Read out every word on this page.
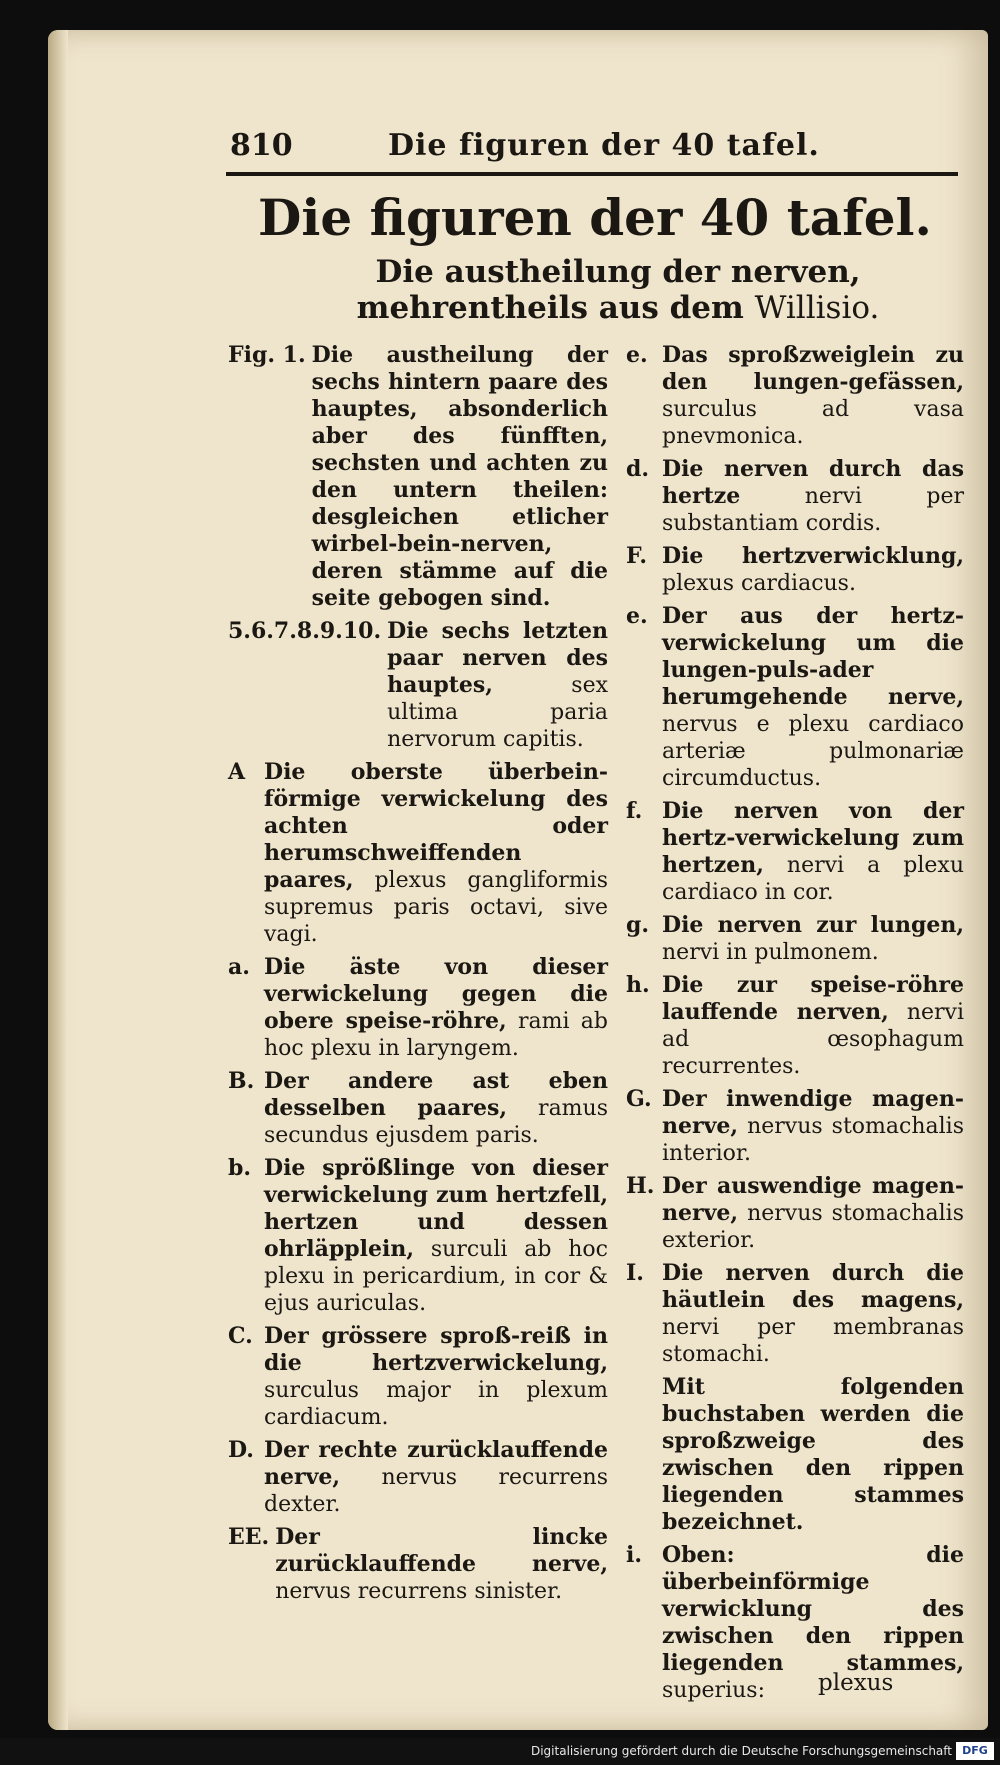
810	Die figuren der 40 tafel.
Die figuren der 40 tafel.
Die austheilung der nerven, mehrentheils aus dem Willisio.
Fig. 1. Die austheilung der sechs hintern paare des hauptes, absonderlich aber des fünfften, sechsten und achten zu den untern theilen: desgleichen etlicher wirbel-bein-nerven, deren stämme auf die seite gebogen sind.
5.6.7.8.9.10. Die sechs letzten paar nerven des hauptes,	sex ultima paria nervorum capitis.
A Die oberste überbein-förmige verwickelung des achten oder herumschweiffenden paares, plexus gangliformis supremus paris octavi, sive vagi.
a. Die äste von dieser verwickelung gegen die obere speise-röhre, rami ab hoc plexu in laryngem.
B. Der andere ast eben desselben paares, ramus secundus ejusdem paris.
b. Die sprößlinge von dieser verwickelung zum hertzfell, hertzen und dessen ohrläpplein, surculi ab hoc plexu in pericardium, in cor & ejus auriculas.
C. Der grössere sproß-reiß in die hertzverwickelung, surculus major in plexum cardiacum.
D. Der rechte zurücklauffende nerve, nervus recurrens dexter.
EE. Der lincke zurücklauffende nerve, nervus recurrens sinister.
e. Das sproßzweiglein zu den lungen-gefässen, surculus ad vasa pnevmonica.
d. Die nerven durch das hertze	nervi per substantiam cordis.
F. Die hertzverwicklung, plexus cardiacus.
e. Der aus der hertz-verwickelung um die lungen-puls-ader herumgehende nerve, nervus e plexu cardiaco arteriæ pulmonariæ circumductus.
f. Die nerven von der hertz-verwickelung zum hertzen, nervi a plexu cardiaco in cor.
g. Die nerven zur lungen, nervi in pulmonem.
h. Die zur speise-röhre lauffende nerven, nervi ad œsophagum recurrentes.
G. Der inwendige magen-nerve, nervus stomachalis interior.
H. Der auswendige magen-nerve, nervus stomachalis exterior.
I. Die nerven durch die häutlein des magens, nervi per membranas stomachi.
Mit folgenden buchstaben werden die sproßzweige des zwischen den rippen liegenden stammes bezeichnet.
i. Oben: die überbeinförmige verwicklung des zwischen den rippen liegenden stammes, superius:	plexus
Digitalisierung gefördert durch die Deutsche Forschungsgemeinschaft DFG
